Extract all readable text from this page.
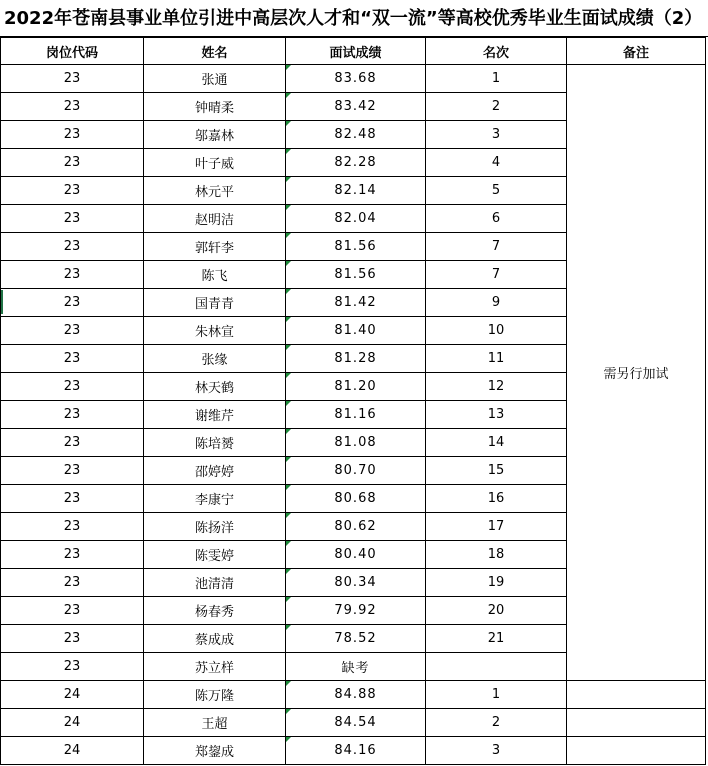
2022年苍南县事业单位引进中高层次人才和“双一流”等高校优秀毕业生面试成绩（2）
岗位代码	姓名	面试成绩	名次	备注
23	张通	83.68	1	需另行加试
23	钟晴柔	83.42	2	
23	邬嘉林	82.48	3	
23	叶子威	82.28	4	
23	林元平	82.14	5	
23	赵明洁	82.04	6	
23	郭轩李	81.56	7	
23	陈飞	81.56	7	
23	国青青	81.42	9	
23	朱林宣	81.40	10	
23	张缘	81.28	11	
23	林天鹤	81.20	12	
23	谢维芹	81.16	13	
23	陈培赟	81.08	14	
23	邵婷婷	80.70	15	
23	李康宁	80.68	16	
23	陈扬洋	80.62	17	
23	陈雯婷	80.40	18	
23	池清清	80.34	19	
23	杨春秀	79.92	20	
23	蔡成成	78.52	21	
23	苏立样	缺考		
24	陈万隆	84.88	1	
24	王超	84.54	2	
24	郑鋆成	84.16	3	
